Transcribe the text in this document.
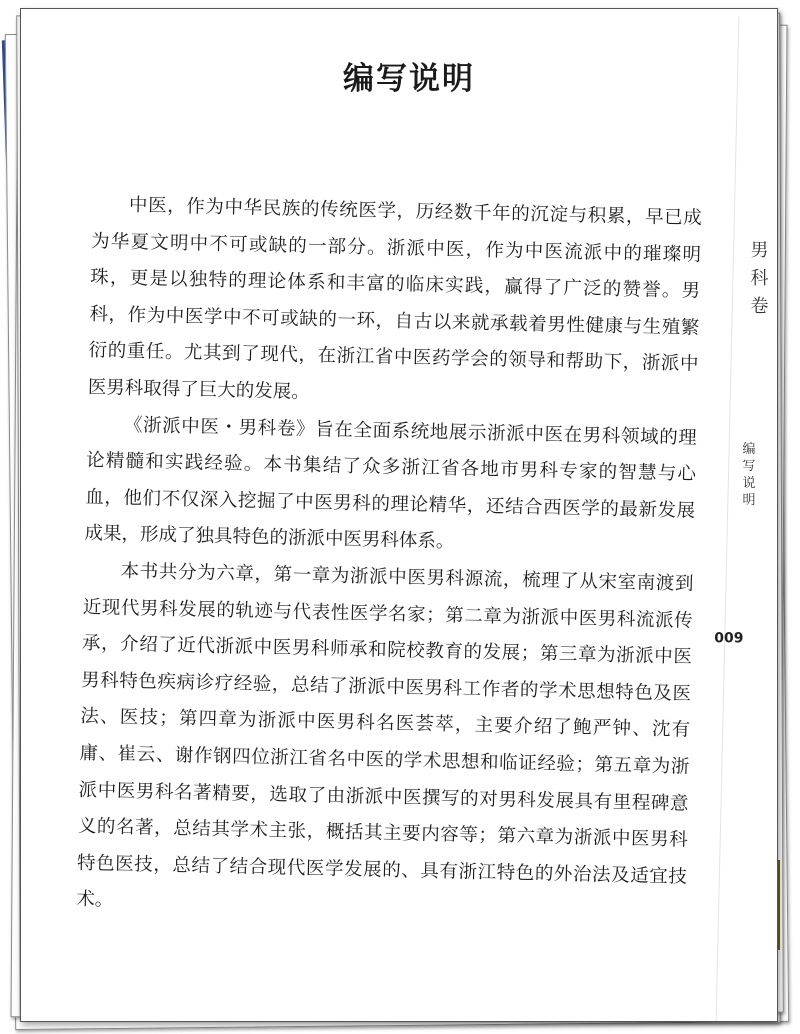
编写说明

中医，作为中华民族的传统医学，历经数千年的沉淀与积累，早已成为华夏文明中不可或缺的一部分。浙派中医，作为中医流派中的璀璨明珠，更是以独特的理论体系和丰富的临床实践，赢得了广泛的赞誉。男科，作为中医学中不可或缺的一环，自古以来就承载着男性健康与生殖繁衍的重任。尤其到了现代，在浙江省中医药学会的领导和帮助下，浙派中医男科取得了巨大的发展。

《浙派中医・男科卷》旨在全面系统地展示浙派中医在男科领域的理论精髓和实践经验。本书集结了众多浙江省各地市男科专家的智慧与心血，他们不仅深入挖掘了中医男科的理论精华，还结合西医学的最新发展成果，形成了独具特色的浙派中医男科体系。

本书共分为六章，第一章为浙派中医男科源流，梳理了从宋室南渡到近现代男科发展的轨迹与代表性医学名家；第二章为浙派中医男科流派传承，介绍了近代浙派中医男科师承和院校教育的发展；第三章为浙派中医男科特色疾病诊疗经验，总结了浙派中医男科工作者的学术思想特色及医法、医技；第四章为浙派中医男科名医荟萃，主要介绍了鲍严钟、沈有庸、崔云、谢作钢四位浙江省名中医的学术思想和临证经验；第五章为浙派中医男科名著精要，选取了由浙派中医撰写的对男科发展具有里程碑意义的名著，总结其学术主张，概括其主要内容等；第六章为浙派中医男科特色医技，总结了结合现代医学发展的、具有浙江特色的外治法及适宜技术。

男
科
卷
编
写
说
明
009
